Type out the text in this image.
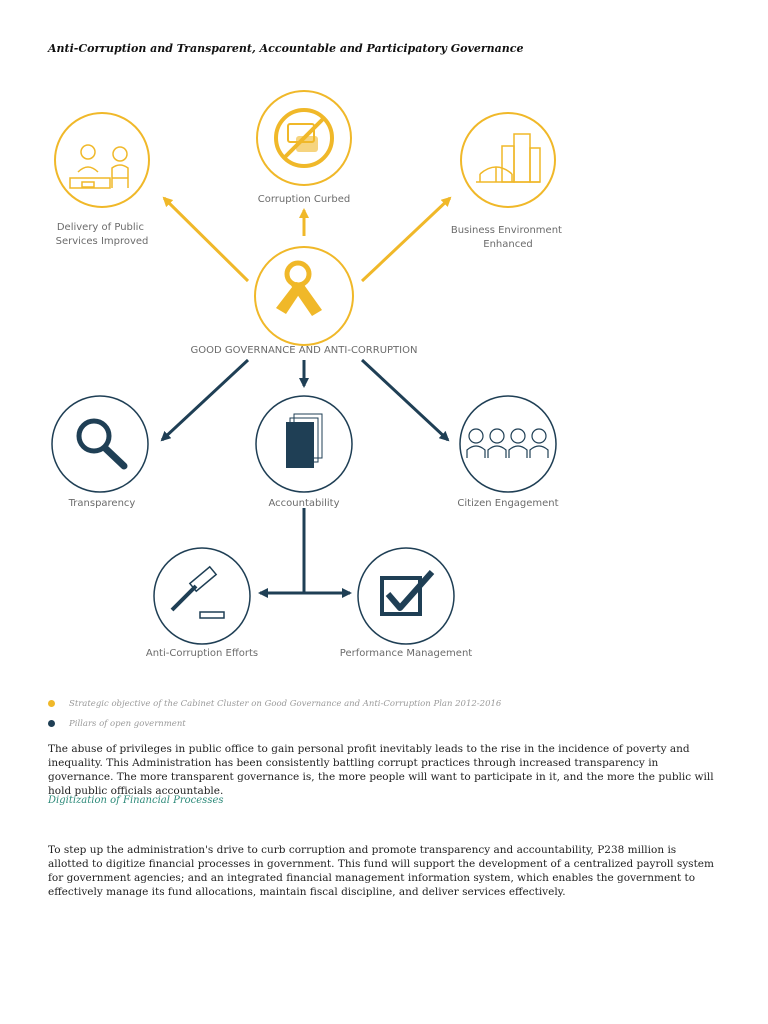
Anti-Corruption and Transparent, Accountable and Participatory Governance
GOOD GOVERNANCE AND ANTI-CORRUPTION
Corruption Curbed
Delivery of Public Services Improved
Business Environment Enhanced
Transparency	Accountability	Citizen Engagement
Anti-Corruption Efforts	Performance Management
Strategic objective of the Cabinet Cluster on Good Governance and Anti-Corruption Plan 2012-2016
Pillars of open government
The abuse of privileges in public office to gain personal profit inevitably leads to the rise in the incidence of poverty and inequality. This Administration has been consistently battling corrupt practices through increased transparency in governance. The more transparent governance is, the more people will want to participate in it, and the more the public will hold public officials accountable.
Digitization of Financial Processes
To step up the administration's drive to curb corruption and promote transparency and accountability, P238 million is allotted to digitize financial processes in government. This fund will support the development of a centralized payroll system for government agencies; and an integrated financial management information system, which enables the government to effectively manage its fund allocations, maintain fiscal discipline, and deliver services effectively.
